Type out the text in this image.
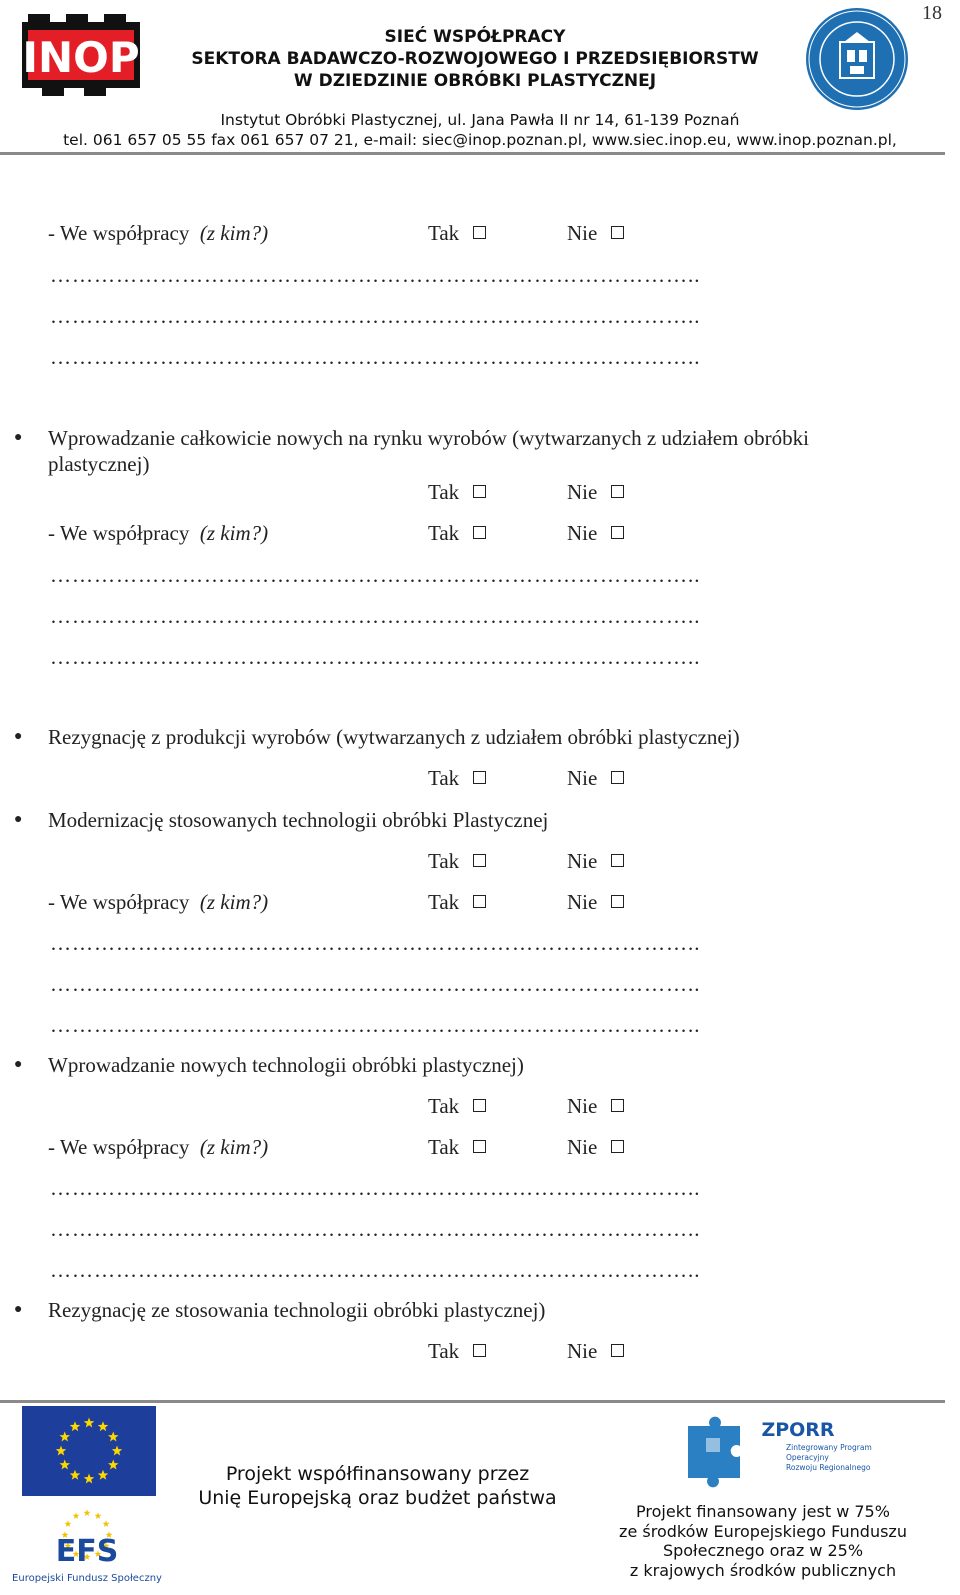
18
INOP	SIEĆ WSPÓŁPRACY
SEKTORA BADAWCZO-ROZWOJOWEGO I PRZEDSIĘBIORSTW
W DZIEDZINIE OBRÓBKI PLASTYCZNEJ
Instytut Obróbki Plastycznej, ul. Jana Pawła II nr 14, 61-139 Poznań
tel. 061 657 05 55 fax 061 657 07 21, e-mail: siec@inop.poznan.pl, www.siec.inop.eu, www.inop.poznan.pl,
- We współpracy (z kim?)	Tak	Nie
……………………………………………………………………………..
……………………………………………………………………………..
……………………………………………………………………………..
● Wprowadzanie całkowicie nowych na rynku wyrobów (wytwarzanych z udziałem obróbki
plastycznej)
Tak	Nie
- We współpracy (z kim?)	Tak	Nie
……………………………………………………………………………..
……………………………………………………………………………..
……………………………………………………………………………..
● Rezygnację z produkcji wyrobów (wytwarzanych z udziałem obróbki plastycznej)
Tak	Nie
● Modernizację stosowanych technologii obróbki Plastycznej
Tak	Nie
- We współpracy (z kim?)	Tak	Nie
……………………………………………………………………………..
……………………………………………………………………………..
……………………………………………………………………………..
● Wprowadzanie nowych technologii obróbki plastycznej)
Tak	Nie
- We współpracy (z kim?)	Tak	Nie
……………………………………………………………………………..
……………………………………………………………………………..
……………………………………………………………………………..
● Rezygnację ze stosowania technologii obróbki plastycznej)
Tak	Nie
EFS
Europejski Fundusz Społeczny
ZPORR
Zintegrowany Program
Operacyjny
Rozwoju Regionalnego
Projekt współfinansowany przez
Unię Europejską oraz budżet państwa
Projekt finansowany jest w 75%
ze środków Europejskiego Funduszu
Społecznego oraz w 25%
z krajowych środków publicznych
